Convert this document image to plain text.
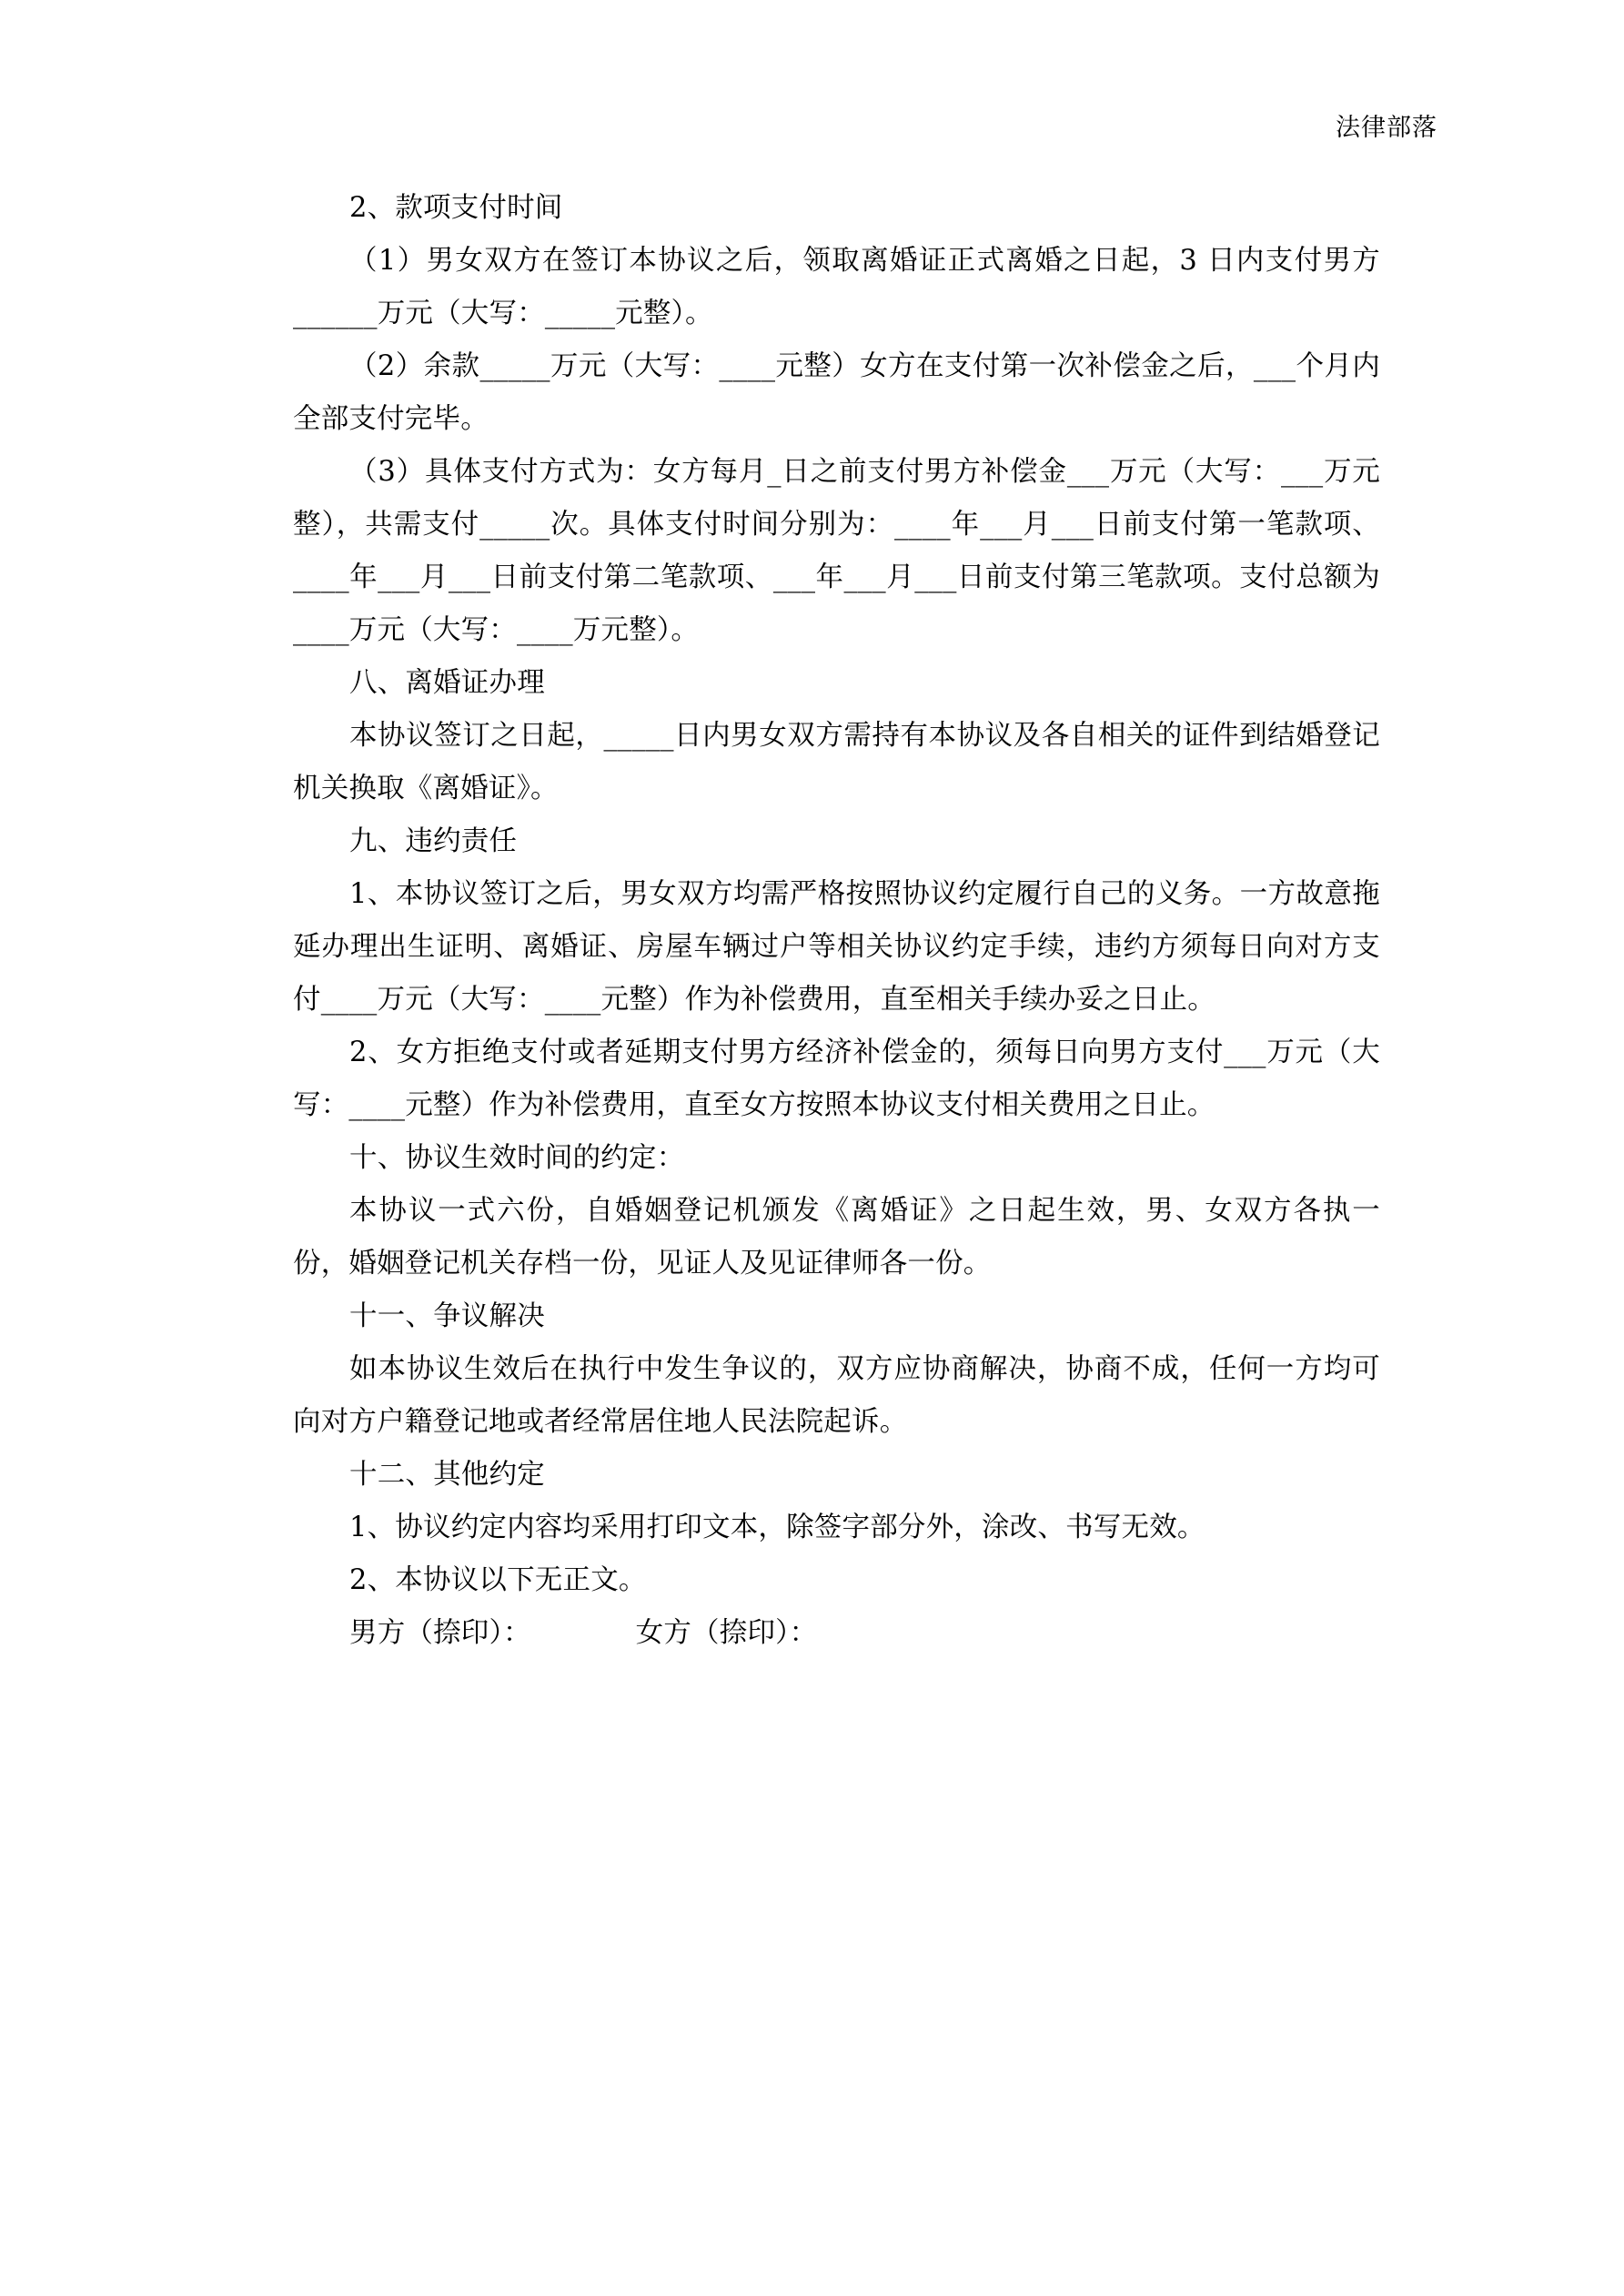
法律部落

2、款项支付时间

（1）男女双方在签订本协议之后，领取离婚证正式离婚之日起，3 日内支付男方______万元（大写：_____元整）。

（2）余款_____万元（大写：____元整）女方在支付第一次补偿金之后，___个月内全部支付完毕。

（3）具体支付方式为：女方每月_日之前支付男方补偿金___万元（大写：___万元整），共需支付_____次。具体支付时间分别为：____年___月___日前支付第一笔款项、____年___月___日前支付第二笔款项、___年___月___日前支付第三笔款项。支付总额为____万元（大写：____万元整）。

八、离婚证办理

本协议签订之日起，_____日内男女双方需持有本协议及各自相关的证件到结婚登记机关换取《离婚证》。

九、违约责任

1、本协议签订之后，男女双方均需严格按照协议约定履行自己的义务。一方故意拖延办理出生证明、离婚证、房屋车辆过户等相关协议约定手续，违约方须每日向对方支付____万元（大写：____元整）作为补偿费用，直至相关手续办妥之日止。

2、女方拒绝支付或者延期支付男方经济补偿金的，须每日向男方支付___万元（大写：____元整）作为补偿费用，直至女方按照本协议支付相关费用之日止。

十、协议生效时间的约定：

本协议一式六份，自婚姻登记机颁发《离婚证》之日起生效，男、女双方各执一份，婚姻登记机关存档一份，见证人及见证律师各一份。

十一、争议解决

如本协议生效后在执行中发生争议的，双方应协商解决，协商不成，任何一方均可向对方户籍登记地或者经常居住地人民法院起诉。

十二、其他约定

1、协议约定内容均采用打印文本，除签字部分外，涂改、书写无效。

2、本协议以下无正文。

男方（捺印）：	女方（捺印）：
